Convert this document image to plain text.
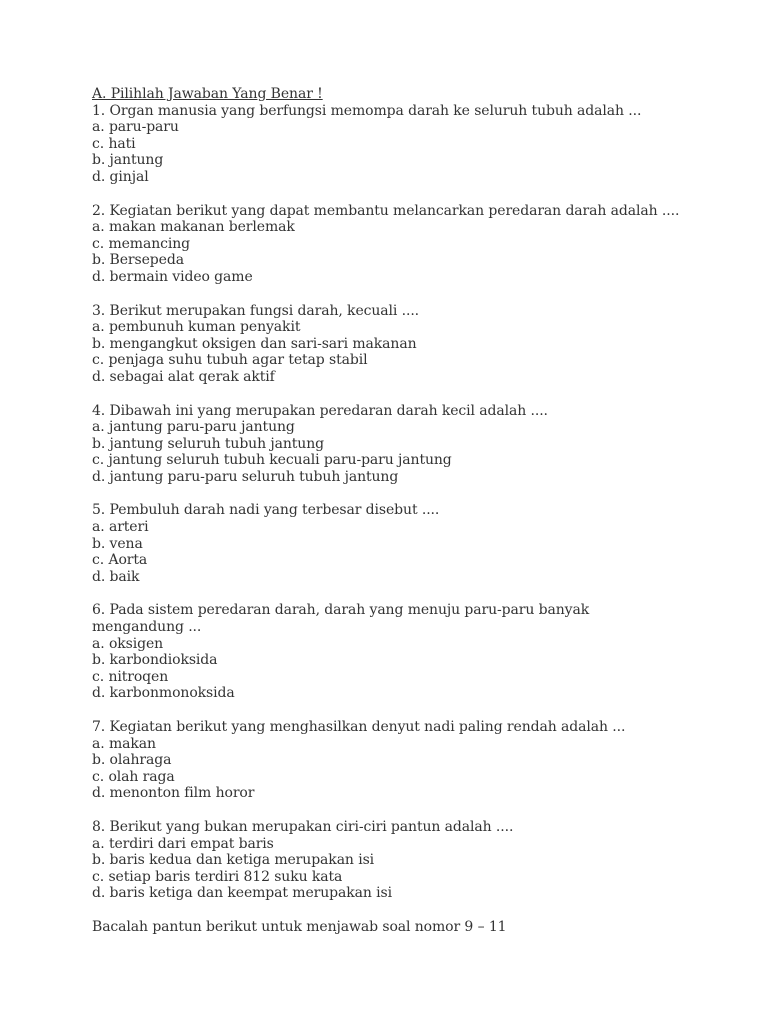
A. Pilihlah Jawaban Yang Benar !
1. Organ manusia yang berfungsi memompa darah ke seluruh tubuh adalah ...
a. paru-paru
c. hati
b. jantung
d. ginjal
2. Kegiatan berikut yang dapat membantu melancarkan peredaran darah adalah ....
a. makan makanan berlemak
c. memancing
b. Bersepeda
d. bermain video game
3. Berikut merupakan fungsi darah, kecuali ....
a. pembunuh kuman penyakit
b. mengangkut oksigen dan sari-sari makanan
c. penjaga suhu tubuh agar tetap stabil
d. sebagai alat qerak aktif
4. Dibawah ini yang merupakan peredaran darah kecil adalah ....
a. jantung paru-paru jantung
b. jantung seluruh tubuh jantung
c. jantung seluruh tubuh kecuali paru-paru jantung
d. jantung paru-paru seluruh tubuh jantung
5. Pembuluh darah nadi yang terbesar disebut ....
a. arteri
b. vena
c. Aorta
d. baik
6. Pada sistem peredaran darah, darah yang menuju paru-paru banyak mengandung ...
a. oksigen
b. karbondioksida
c. nitroqen
d. karbonmonoksida
7. Kegiatan berikut yang menghasilkan denyut nadi paling rendah adalah ...
a. makan
b. olahraga
c. olah raga
d. menonton film horor
8. Berikut yang bukan merupakan ciri-ciri pantun adalah ....
a. terdiri dari empat baris
b. baris kedua dan ketiga merupakan isi
c. setiap baris terdiri 812 suku kata
d. baris ketiga dan keempat merupakan isi
Bacalah pantun berikut untuk menjawab soal nomor 9 – 11
